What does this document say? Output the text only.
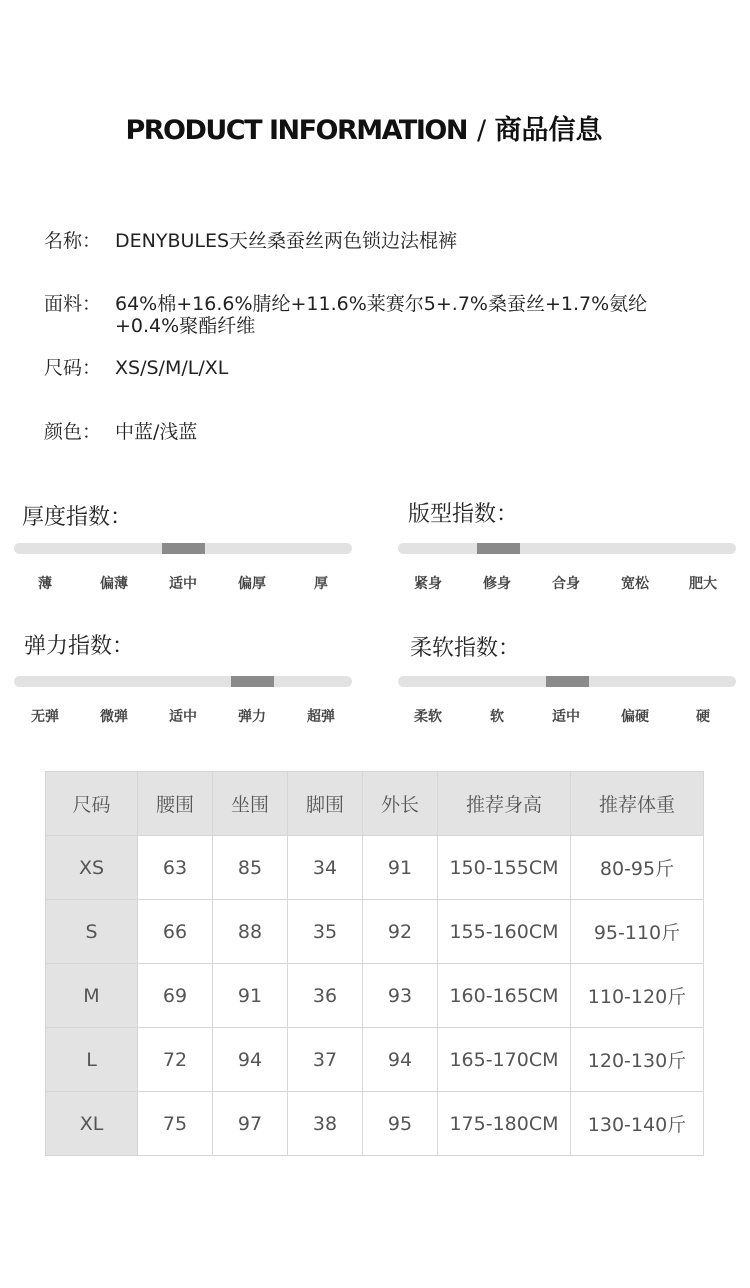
PRODUCT INFORMATION / 商品信息
名称： DENYBULES天丝桑蚕丝两色锁边法棍裤
面料： 64%棉+16.6%腈纶+11.6%莱赛尔5+.7%桑蚕丝+1.7%氨纶 +0.4%聚酯纤维
尺码： XS/S/M/L/XL
颜色： 中蓝/浅蓝
厚度指数：
薄	偏薄	适中	偏厚	厚
版型指数：
紧身	修身	合身	宽松	肥大
弹力指数：
无弹	微弹	适中	弹力	超弹
柔软指数：
柔软	软	适中	偏硬	硬
尺码	腰围	坐围	脚围	外长	推荐身高	推荐体重
XS	63	85	34	91	150-155CM	80-95斤
S	66	88	35	92	155-160CM	95-110斤
M	69	91	36	93	160-165CM	110-120斤
L	72	94	37	94	165-170CM	120-130斤
XL	75	97	38	95	175-180CM	130-140斤
